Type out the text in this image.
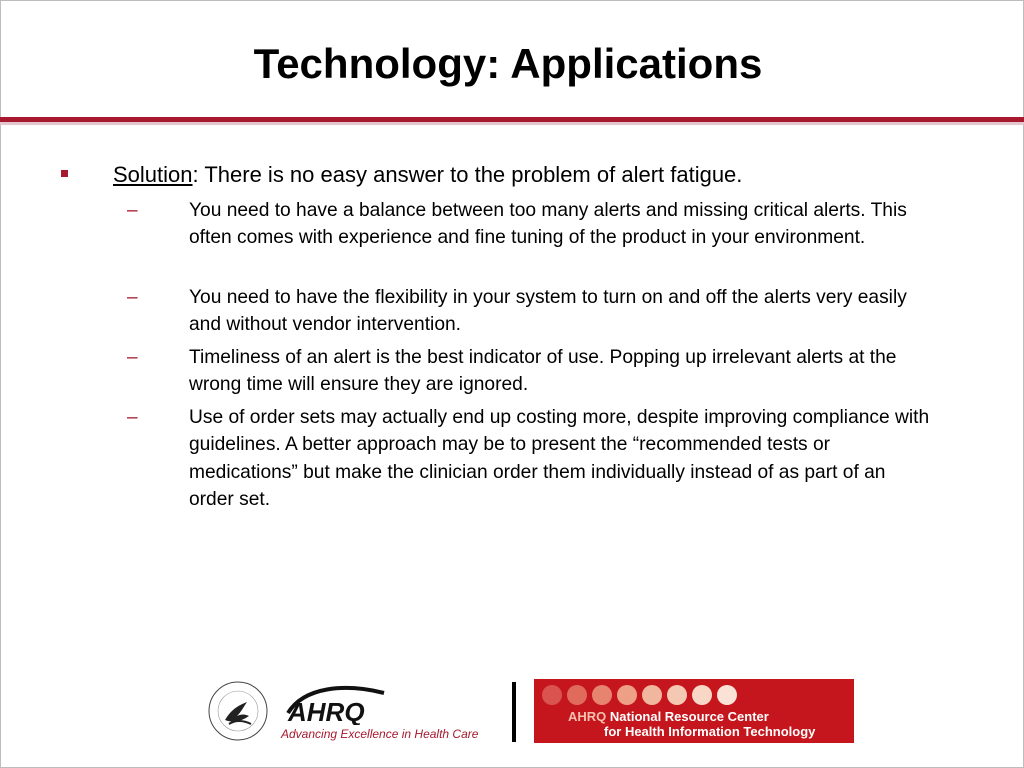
Technology: Applications
Solution: There is no easy answer to the problem of alert fatigue.
–	You need to have a balance between too many alerts and missing critical alerts. This often comes with experience and fine tuning of the product in your environment.
–	You need to have the flexibility in your system to turn on and off the alerts very easily and without vendor intervention.
–	Timeliness of an alert is the best indicator of use. Popping up irrelevant alerts at the wrong time will ensure they are ignored.
–	Use of order sets may actually end up costing more, despite improving compliance with guidelines. A better approach may be to present the “recommended tests or medications” but make the clinician order them individually instead of as part of an order set.
AHRQ
Advancing Excellence in Health Care
AHRQ National Resource Center
for Health Information Technology
